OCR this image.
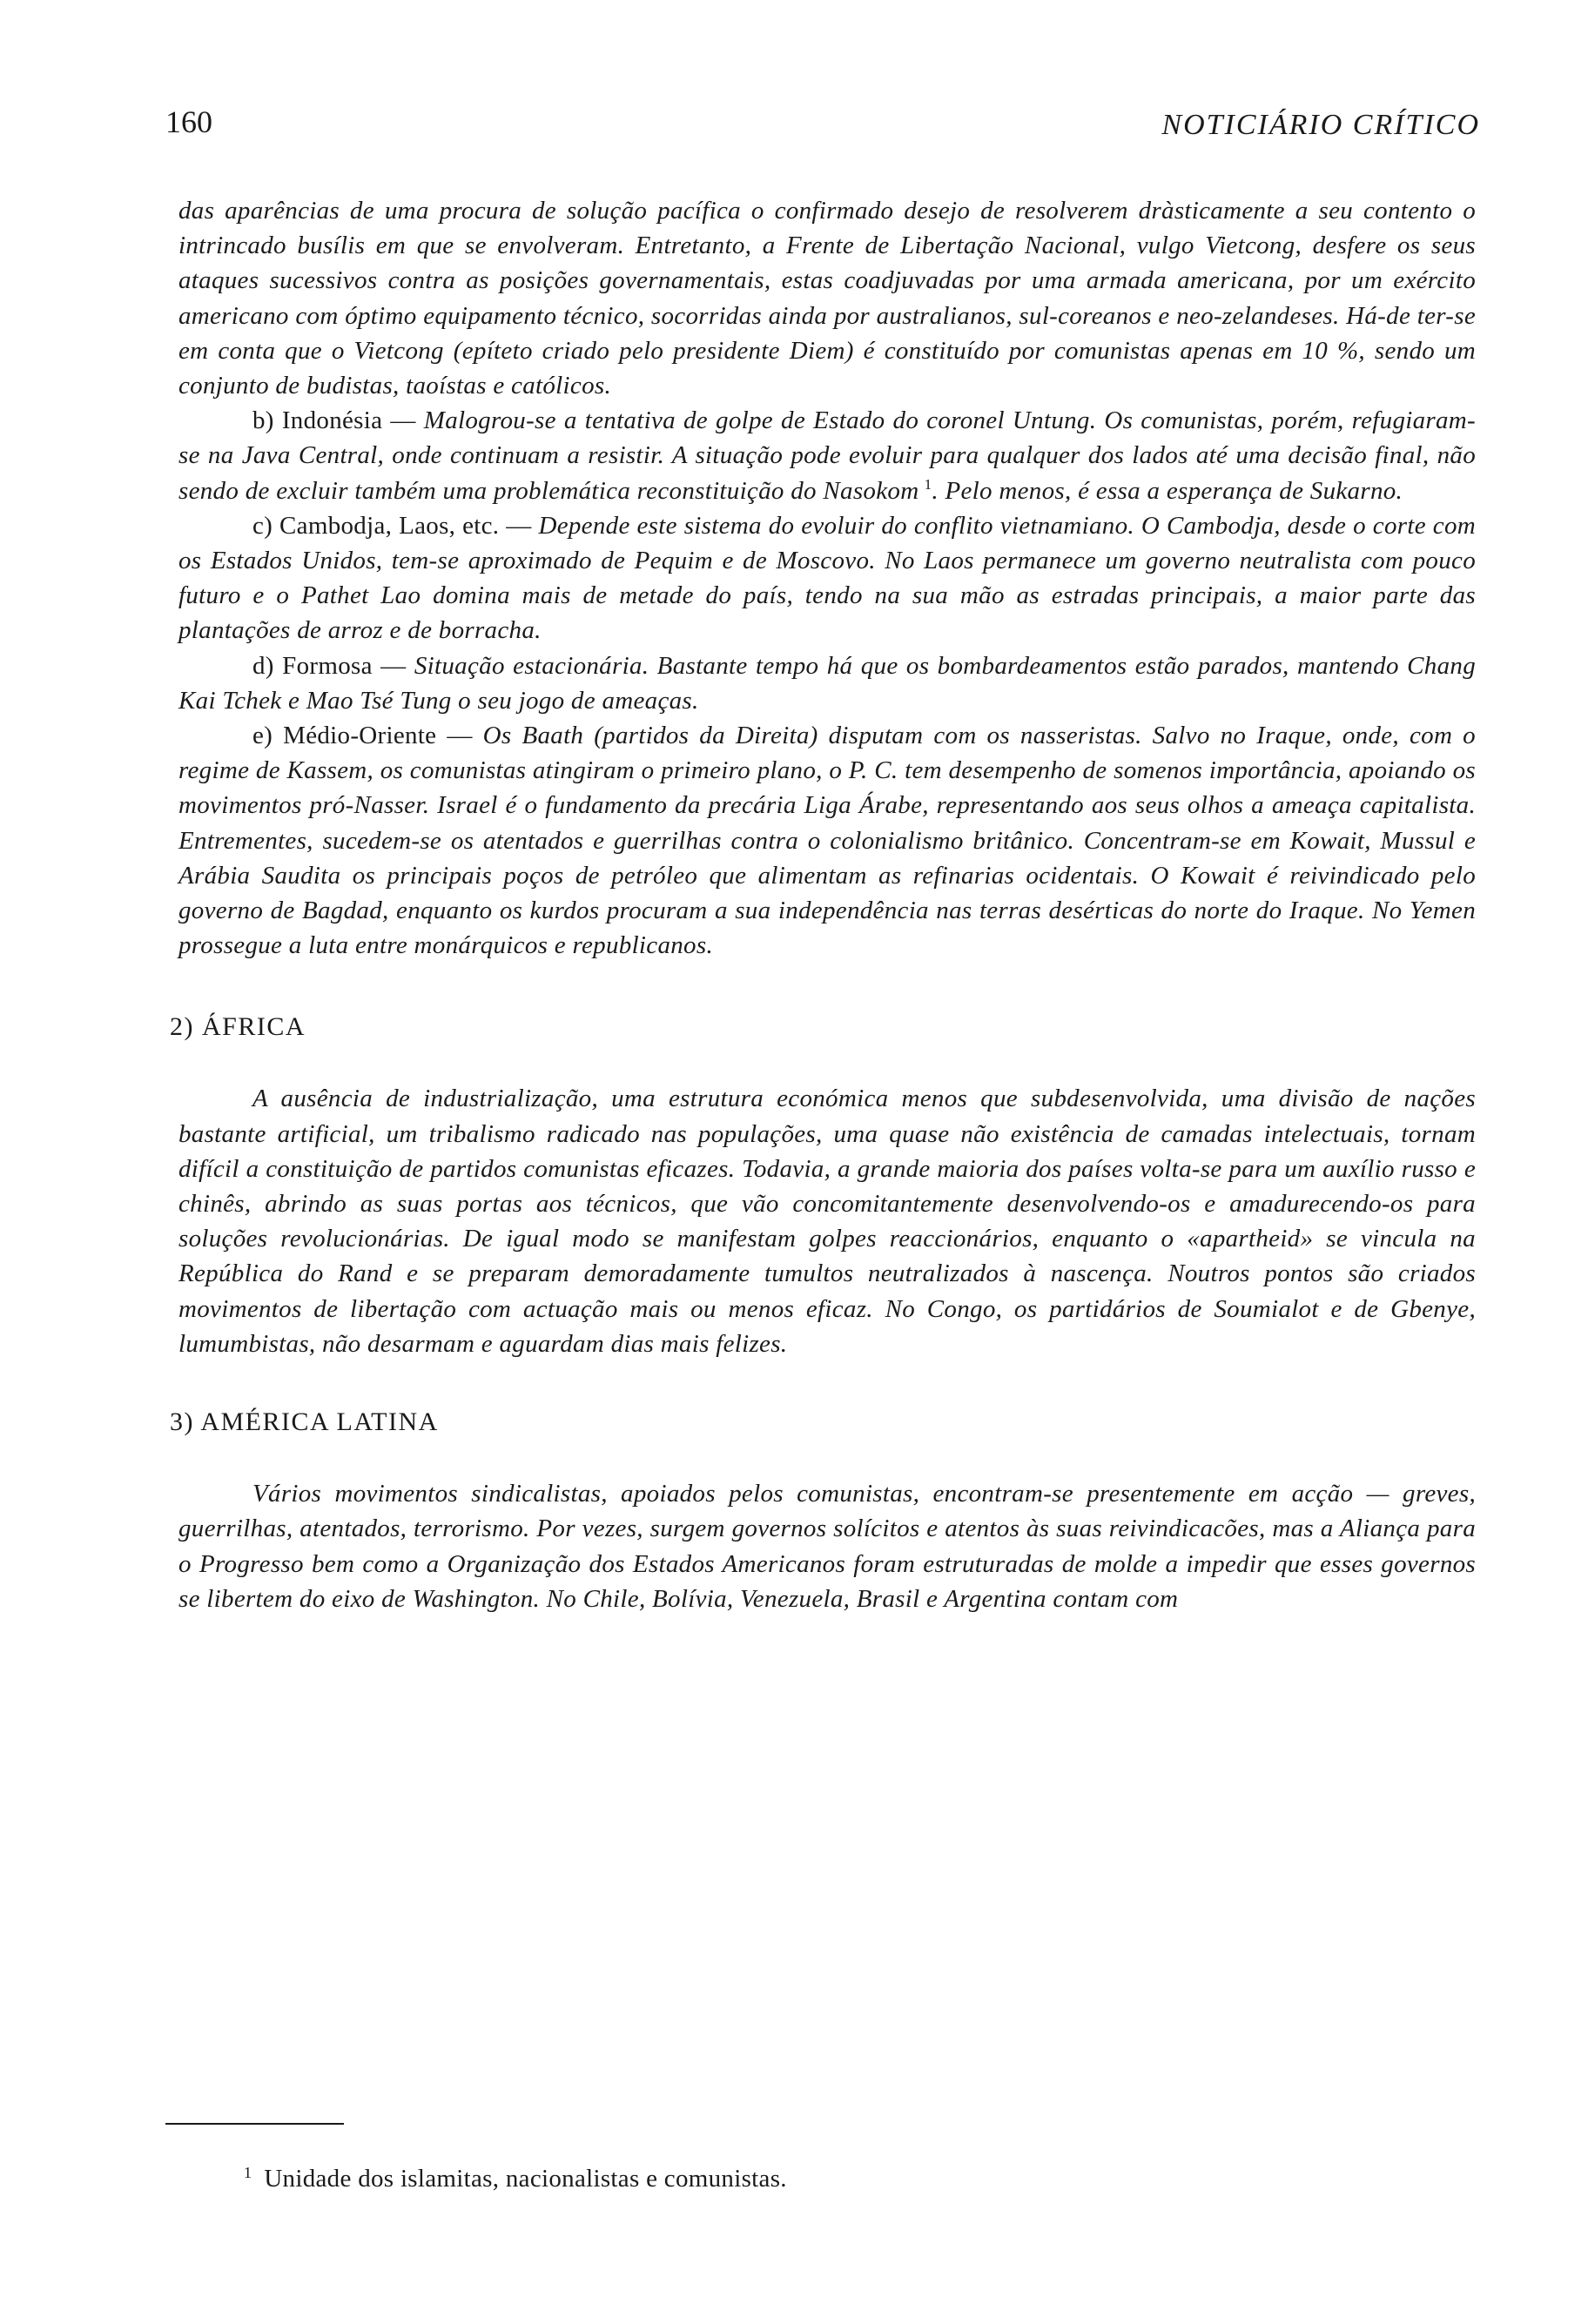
160	NOTICIÁRIO CRÍTICO

das aparências de uma procura de solução pacífica o confirmado desejo de resolverem dràsticamente a seu contento o intrincado busílis em que se envolveram. Entretanto, a Frente de Libertação Nacional, vulgo Vietcong, desfere os seus ataques sucessivos contra as posições governamentais, estas coadjuvadas por uma armada americana, por um exército americano com óptimo equipamento técnico, socorridas ainda por australianos, sul-coreanos e neo-zelandeses. Há-de ter-se em conta que o Vietcong (epíteto criado pelo presidente Diem) é constituído por comunistas apenas em 10 %, sendo um conjunto de budistas, taoístas e católicos.

b) Indonésia — Malogrou-se a tentativa de golpe de Estado do coronel Untung. Os comunistas, porém, refugiaram-se na Java Central, onde continuam a resistir. A situação pode evoluir para qualquer dos lados até uma decisão final, não sendo de excluir também uma problemática reconstituição do Nasokom  $^1$. Pelo menos, é essa a esperança de Sukarno.

c) Cambodja, Laos, etc. — Depende este sistema do evoluir do conflito vietnamiano. O Cambodja, desde o corte com os Estados Unidos, tem-se aproximado de Pequim e de Moscovo. No Laos permanece um governo neutralista com pouco futuro e o Pathet Lao domina mais de metade do país, tendo na sua mão as estradas principais, a maior parte das plantações de arroz e de borracha.

d) Formosa — Situação estacionária. Bastante tempo há que os bombardeamentos estão parados, mantendo Chang Kai Tchek e Mao Tsé Tung o seu jogo de ameaças.

e) Médio-Oriente — Os Baath (partidos da Direita) disputam com os nasseristas. Salvo no Iraque, onde, com o regime de Kassem, os comunistas atingiram o primeiro plano, o P. C. tem desempenho de somenos importância, apoiando os movimentos pró-Nasser. Israel é o fundamento da precária Liga Árabe, representando aos seus olhos a ameaça capitalista. Entrementes, sucedem-se os atentados e guerrilhas contra o colonialismo britânico. Concentram-se em Kowait, Mussul e Arábia Saudita os principais poços de petróleo que alimentam as refinarias ocidentais. O Kowait é reivindicado pelo governo de Bagdad, enquanto os kurdos procuram a sua independência nas terras desérticas do norte do Iraque. No Yemen prossegue a luta entre monárquicos e republicanos.

2) ÁFRICA

A ausência de industrialização, uma estrutura económica menos que subdesenvolvida, uma divisão de nações bastante artificial, um tribalismo radicado nas populações, uma quase não existência de camadas intelectuais, tornam difícil a constituição de partidos comunistas eficazes. Todavia, a grande maioria dos países volta-se para um auxílio russo e chinês, abrindo as suas portas aos técnicos, que vão concomitantemente desenvolvendo-os e amadurecendo-os para soluções revolucionárias. De igual modo se manifestam golpes reaccionários, enquanto o «apartheid» se vincula na República do Rand e se preparam demoradamente tumultos neutralizados à nascença. Noutros pontos são criados movimentos de libertação com actuação mais ou menos eficaz. No Congo, os partidários de Soumialot e de Gbenye, lumumbistas, não desarmam e aguardam dias mais felizes.

3) AMÉRICA LATINA

Vários movimentos sindicalistas, apoiados pelos comunistas, encontram-se presentemente em acção — greves, guerrilhas, atentados, terrorismo. Por vezes, surgem governos solícitos e atentos às suas reivindicacões, mas a Aliança para o Progresso bem como a Organização dos Estados Americanos foram estruturadas de molde a impedir que esses governos se libertem do eixo de Washington. No Chile, Bolívia, Venezuela, Brasil e Argentina contam com

$^1$ Unidade dos islamitas, nacionalistas e comunistas.
